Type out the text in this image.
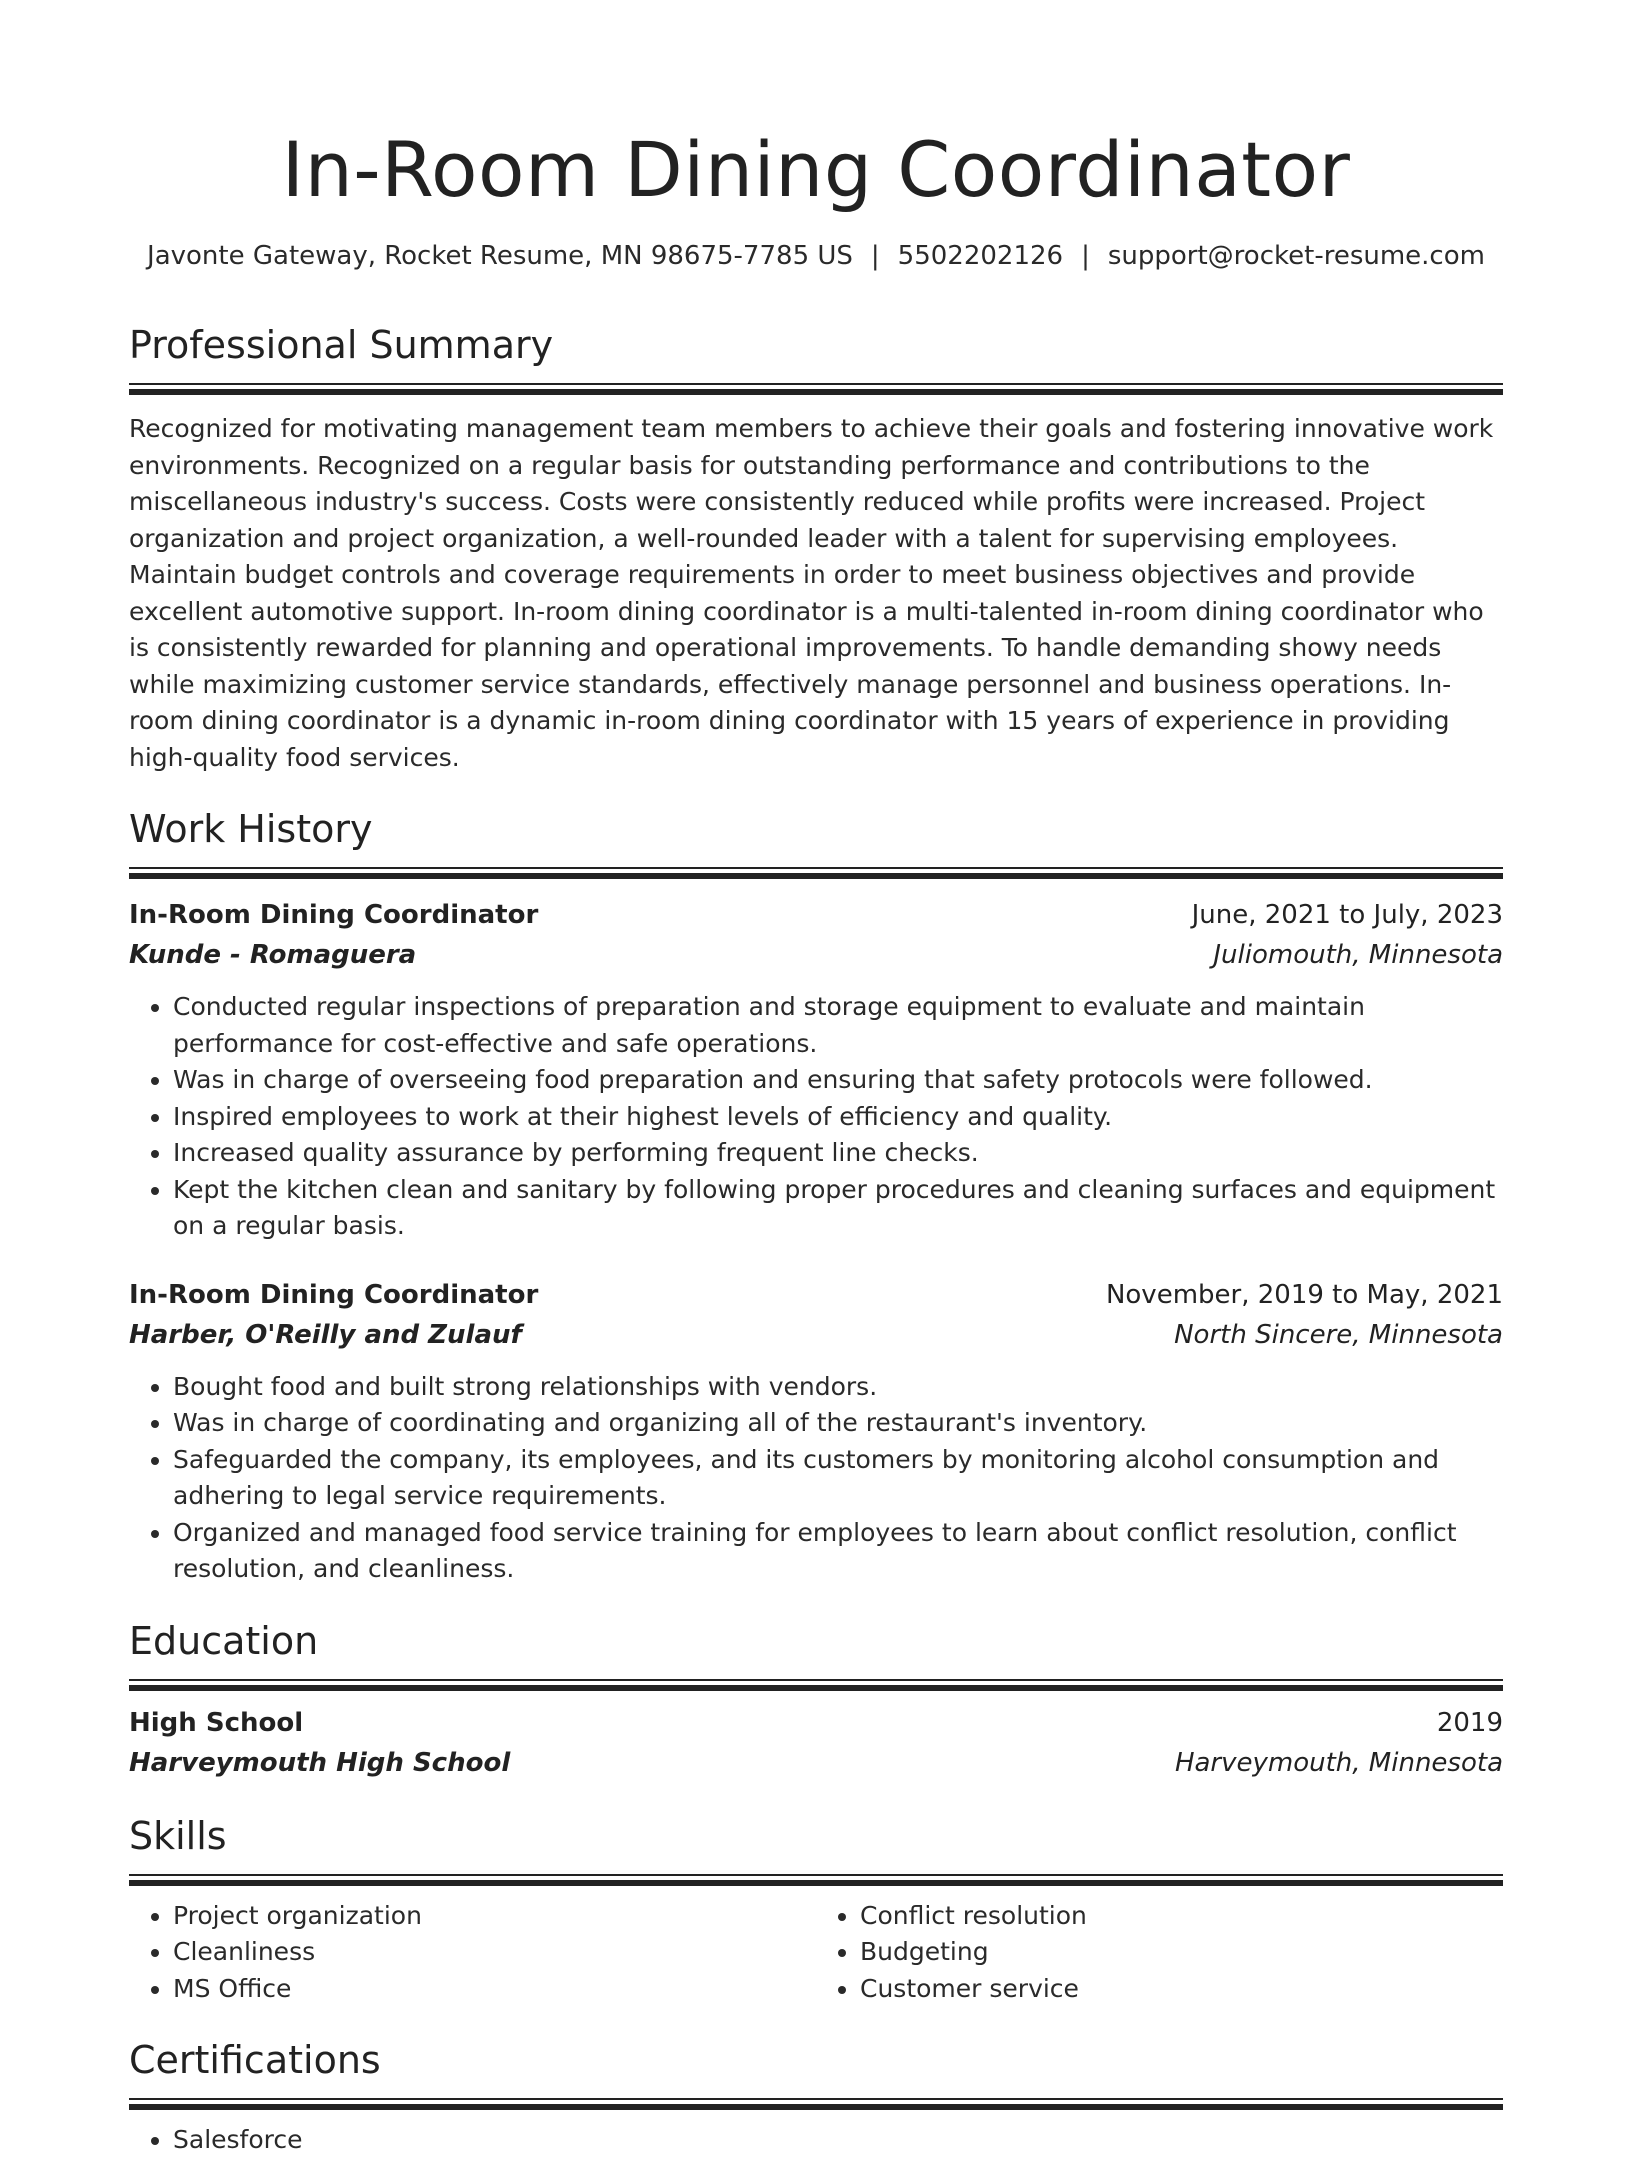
In-Room Dining Coordinator
Javonte Gateway, Rocket Resume, MN 98675-7785 US | 5502202126 | support@rocket-resume.com
Professional Summary

Recognized for motivating management team members to achieve their goals and fostering innovative work environments. Recognized on a regular basis for outstanding performance and contributions to the miscellaneous industry's success. Costs were consistently reduced while profits were increased. Project organization and project organization, a well-rounded leader with a talent for supervising employees. Maintain budget controls and coverage requirements in order to meet business objectives and provide excellent automotive support. In-room dining coordinator is a multi-talented in-room dining coordinator who is consistently rewarded for planning and operational improvements. To handle demanding showy needs while maximizing customer service standards, effectively manage personnel and business operations. In-room dining coordinator is a dynamic in-room dining coordinator with 15 years of experience in providing high-quality food services.

Work History
In-Room Dining Coordinator	June, 2021 to July, 2023
Kunde - Romaguera	Juliomouth, Minnesota
• Conducted regular inspections of preparation and storage equipment to evaluate and maintain performance for cost-effective and safe operations.
• Was in charge of overseeing food preparation and ensuring that safety protocols were followed.
• Inspired employees to work at their highest levels of efficiency and quality.
• Increased quality assurance by performing frequent line checks.
• Kept the kitchen clean and sanitary by following proper procedures and cleaning surfaces and equipment on a regular basis.
In-Room Dining Coordinator	November, 2019 to May, 2021
Harber, O'Reilly and Zulauf	North Sincere, Minnesota
• Bought food and built strong relationships with vendors.
• Was in charge of coordinating and organizing all of the restaurant's inventory.
• Safeguarded the company, its employees, and its customers by monitoring alcohol consumption and adhering to legal service requirements.
• Organized and managed food service training for employees to learn about conflict resolution, conflict resolution, and cleanliness.
Education
High School	2019
Harveymouth High School	Harveymouth, Minnesota
Skills
• Project organization
• Cleanliness
• MS Office
• Conflict resolution
• Budgeting
• Customer service
Certifications
• Salesforce
